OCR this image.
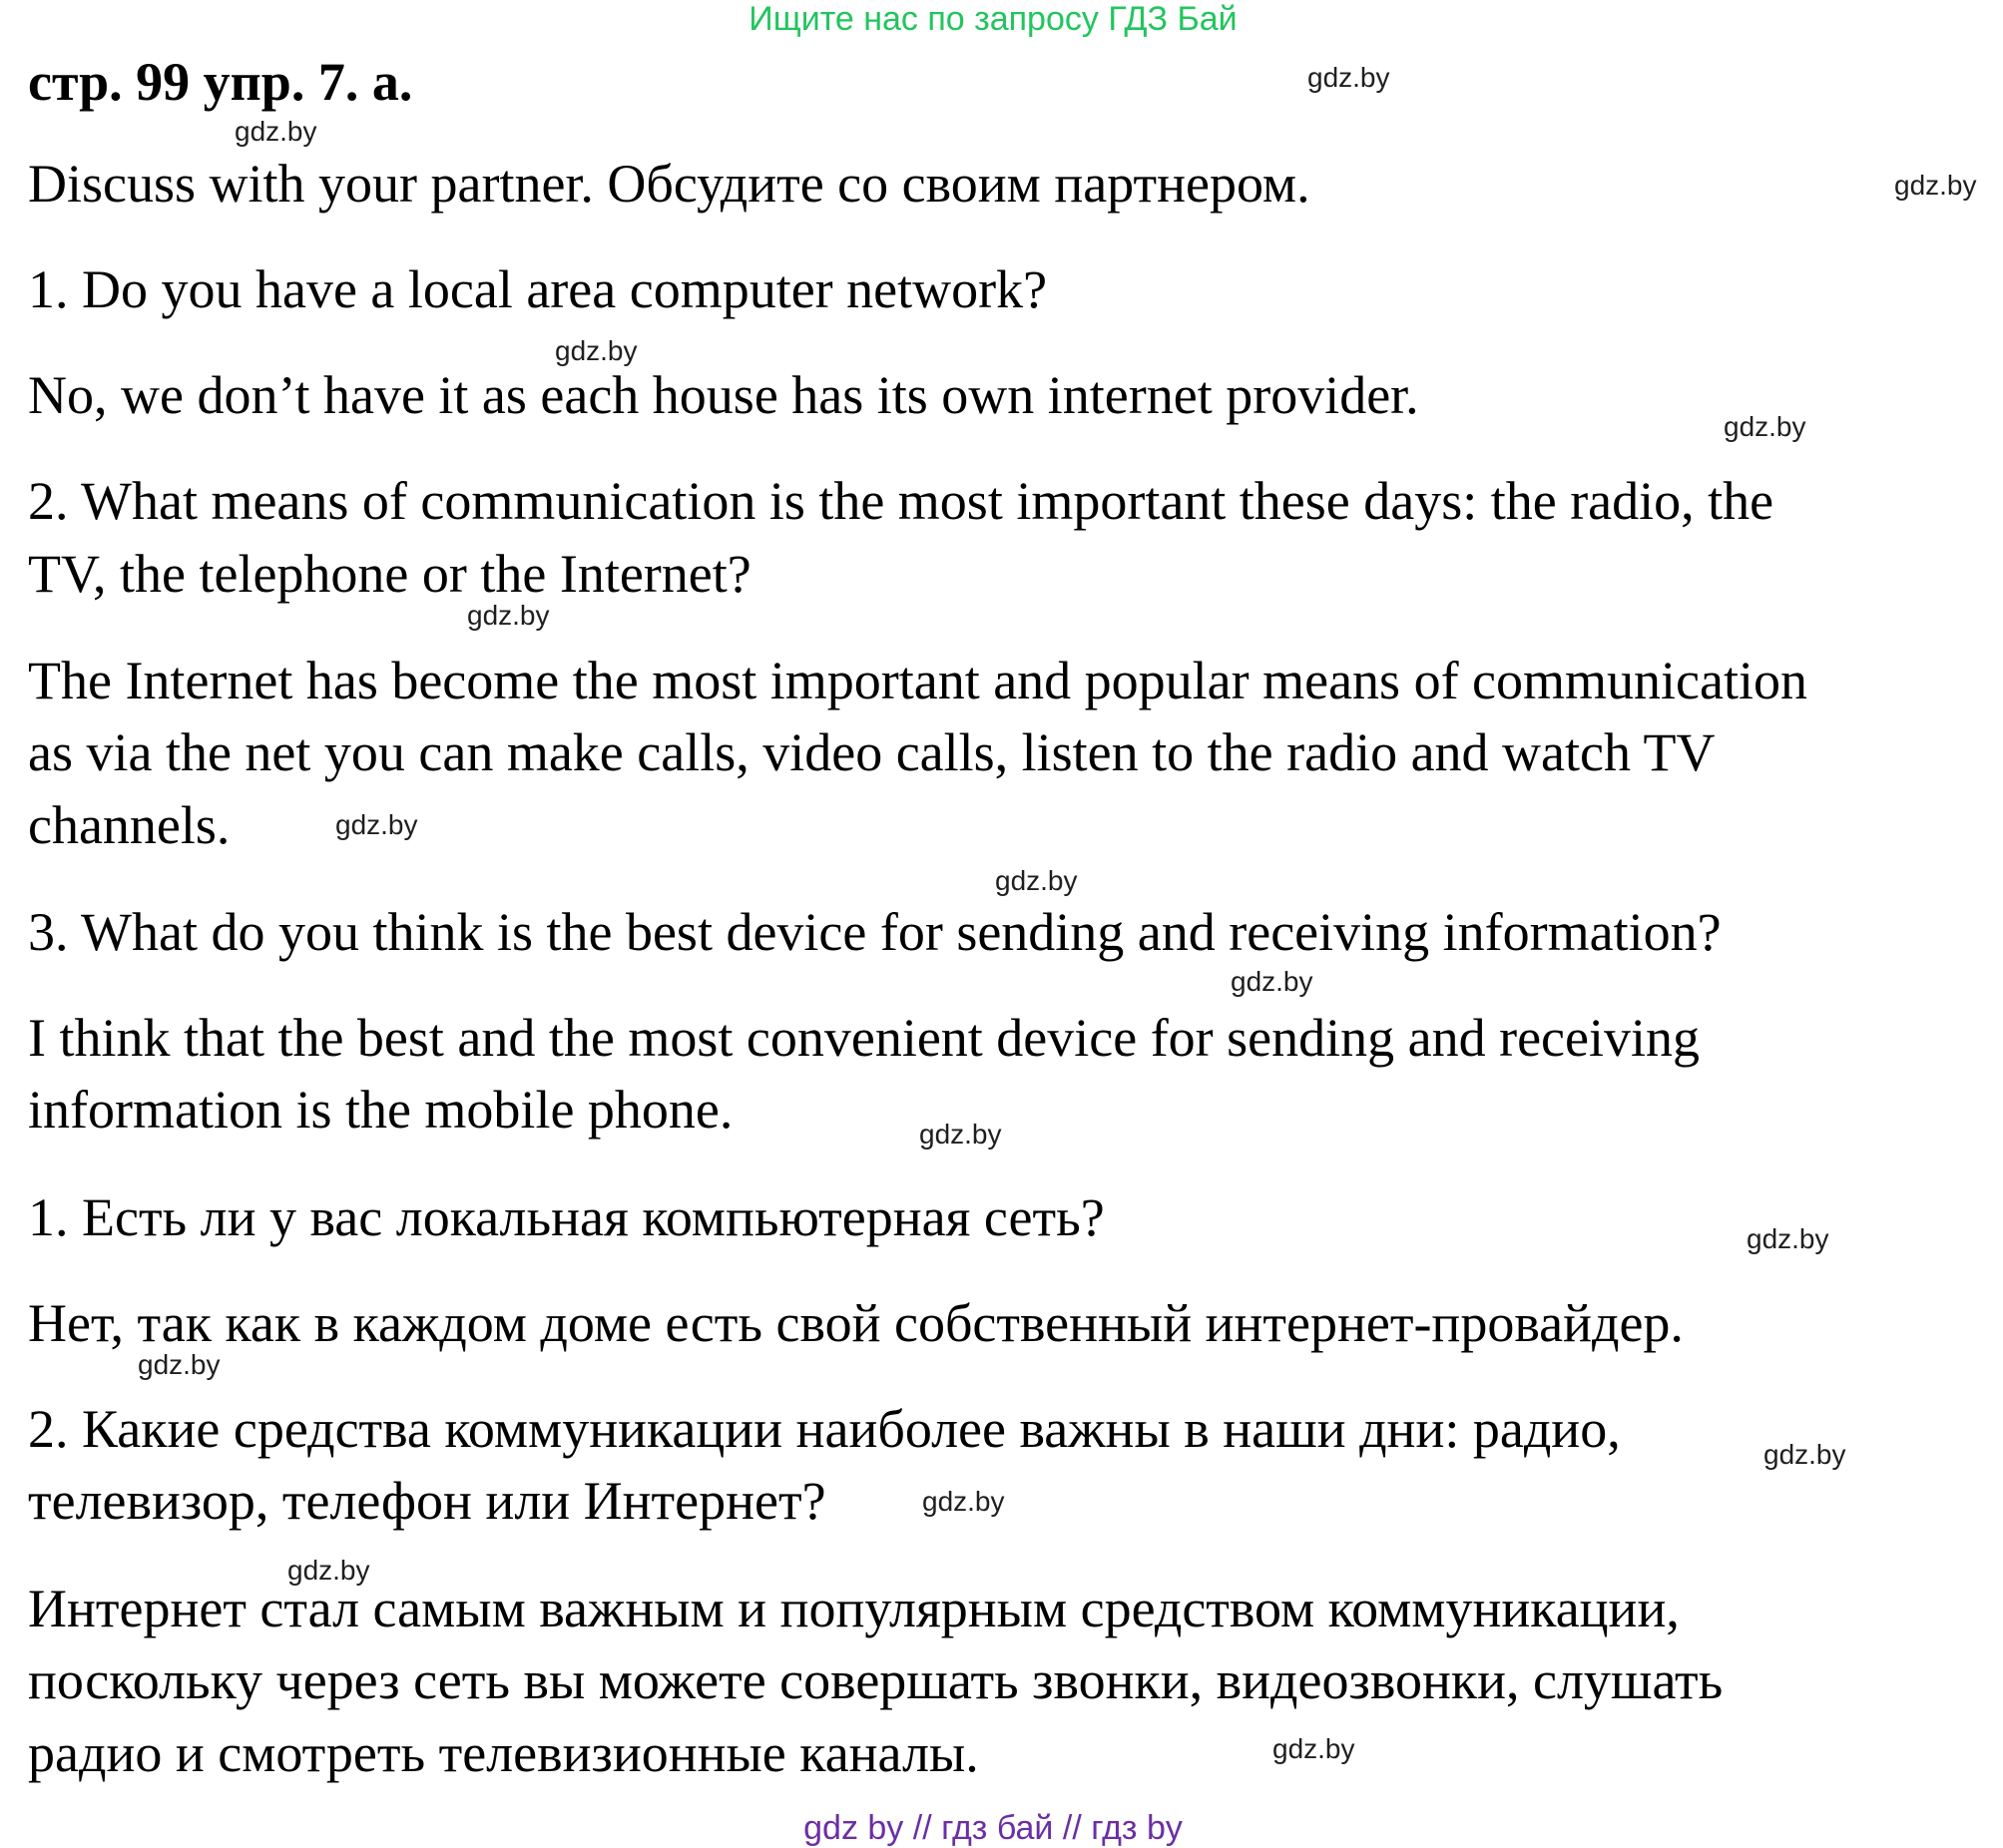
Ищите нас по запросу ГДЗ Бай
стр. 99 упр. 7. а.
Discuss with your partner. Обсудите со своим партнером.
1. Do you have a local area computer network?
No, we don’t have it as each house has its own internet provider.
2. What means of communication is the most important these days: the radio, the
TV, the telephone or the Internet?
The Internet has become the most important and popular means of communication
as via the net you can make calls, video calls, listen to the radio and watch TV
channels.
3. What do you think is the best device for sending and receiving information?
I think that the best and the most convenient device for sending and receiving
information is the mobile phone.
1. Есть ли у вас локальная компьютерная сеть?
Нет, так как в каждом доме есть свой собственный интернет-провайдер.
2. Какие средства коммуникации наиболее важны в наши дни: радио,
телевизор, телефон или Интернет?
Интернет стал самым важным и популярным средством коммуникации,
поскольку через сеть вы можете совершать звонки, видеозвонки, слушать
радио и смотреть телевизионные каналы.
gdz.by
gdz.by
gdz.by
gdz.by
gdz.by
gdz.by
gdz.by
gdz.by
gdz.by
gdz.by
gdz.by
gdz.by
gdz.by
gdz.by
gdz.by
gdz.by
gdz by // гдз бай // гдз by
